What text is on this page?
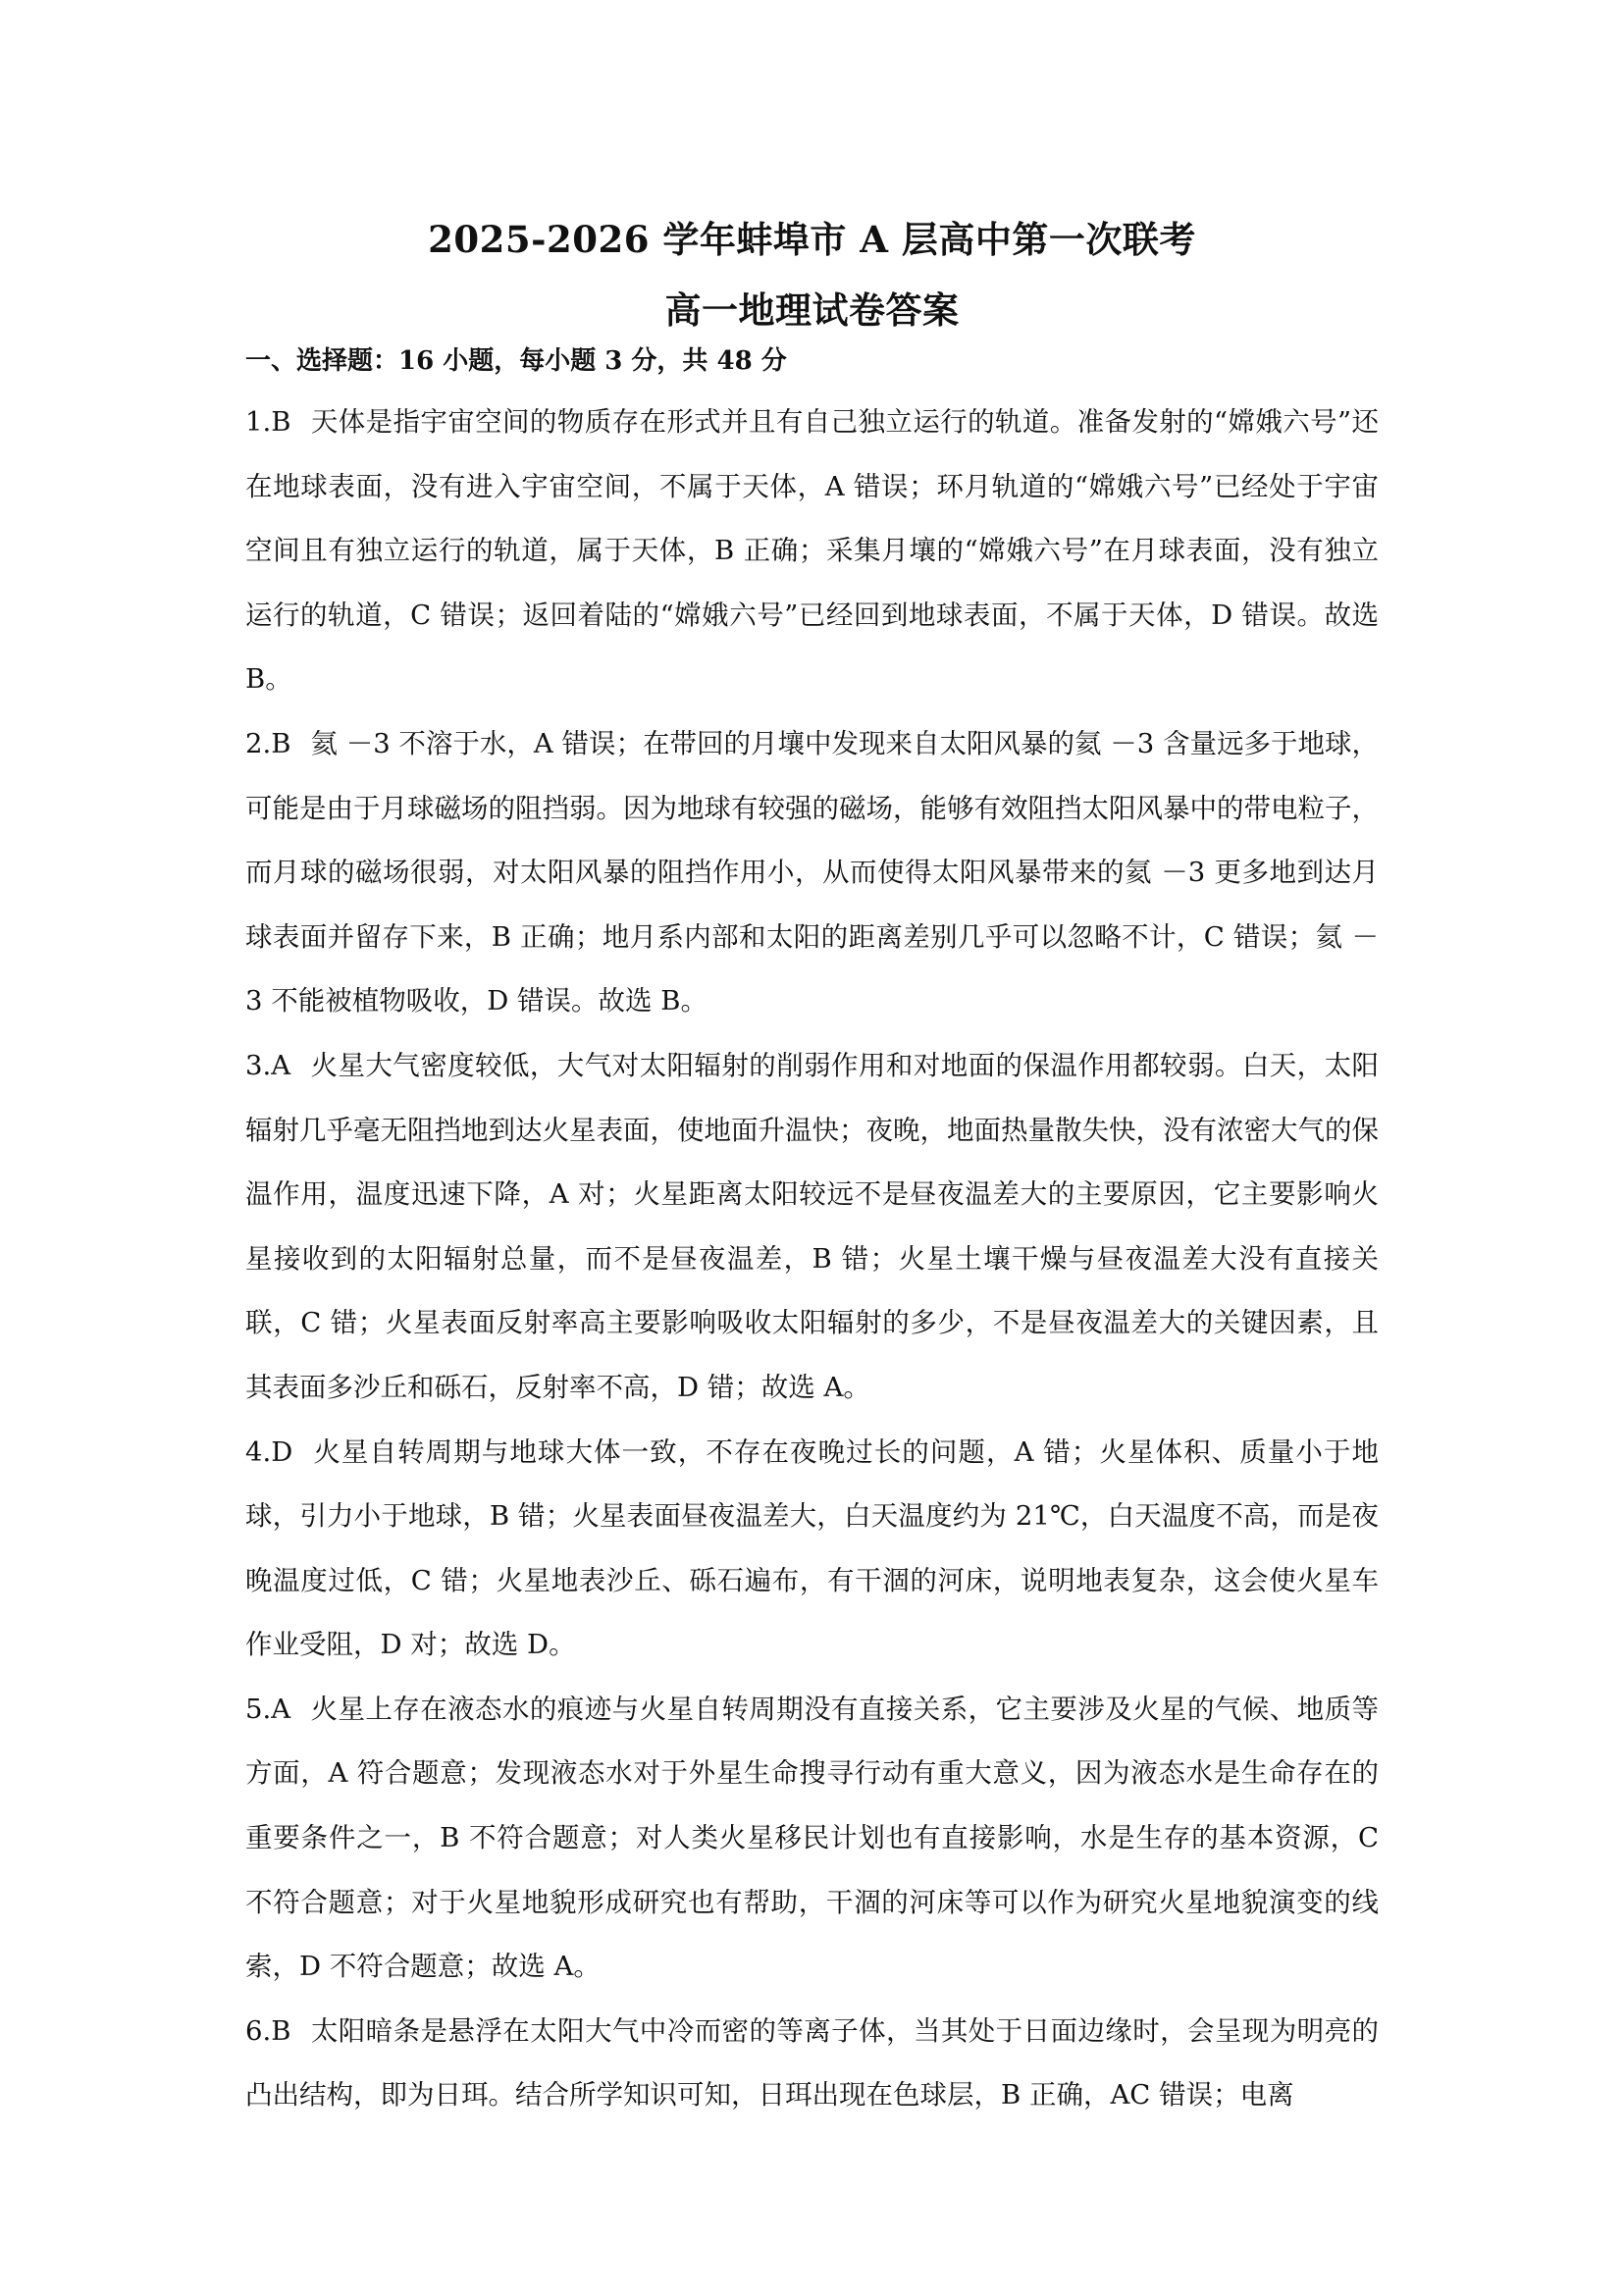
2025-2026 学年蚌埠市 A 层高中第一次联考
高一地理试卷答案
一、选择题：16 小题，每小题 3 分，共 48 分

1.B 天体是指宇宙空间的物质存在形式并且有自己独立运行的轨道。准备发射的“嫦娥六号”还在地球表面，没有进入宇宙空间，不属于天体，A 错误；环月轨道的“嫦娥六号”已经处于宇宙空间且有独立运行的轨道，属于天体，B 正确；采集月壤的“嫦娥六号”在月球表面，没有独立运行的轨道，C 错误；返回着陆的“嫦娥六号”已经回到地球表面，不属于天体，D 错误。故选 B。

2.B 氦 －3 不溶于水，A 错误；在带回的月壤中发现来自太阳风暴的氦 －3 含量远多于地球，可能是由于月球磁场的阻挡弱。因为地球有较强的磁场，能够有效阻挡太阳风暴中的带电粒子，而月球的磁场很弱，对太阳风暴的阻挡作用小，从而使得太阳风暴带来的氦 －3 更多地到达月球表面并留存下来，B 正确；地月系内部和太阳的距离差别几乎可以忽略不计，C 错误；氦 － 3 不能被植物吸收，D 错误。故选 B。

3.A 火星大气密度较低，大气对太阳辐射的削弱作用和对地面的保温作用都较弱。白天，太阳辐射几乎毫无阻挡地到达火星表面，使地面升温快；夜晚，地面热量散失快，没有浓密大气的保温作用，温度迅速下降，A 对；火星距离太阳较远不是昼夜温差大的主要原因，它主要影响火星接收到的太阳辐射总量，而不是昼夜温差，B 错；火星土壤干燥与昼夜温差大没有直接关联，C 错；火星表面反射率高主要影响吸收太阳辐射的多少，不是昼夜温差大的关键因素，且其表面多沙丘和砾石，反射率不高，D 错；故选 A。

4.D 火星自转周期与地球大体一致，不存在夜晚过长的问题，A 错；火星体积、质量小于地球，引力小于地球，B 错；火星表面昼夜温差大，白天温度约为 21℃，白天温度不高，而是夜晚温度过低，C 错；火星地表沙丘、砾石遍布，有干涸的河床，说明地表复杂，这会使火星车作业受阻，D 对；故选 D。

5.A 火星上存在液态水的痕迹与火星自转周期没有直接关系，它主要涉及火星的气候、地质等方面，A 符合题意；发现液态水对于外星生命搜寻行动有重大意义，因为液态水是生命存在的重要条件之一，B 不符合题意；对人类火星移民计划也有直接影响，水是生存的基本资源，C 不符合题意；对于火星地貌形成研究也有帮助，干涸的河床等可以作为研究火星地貌演变的线索，D 不符合题意；故选 A。

6.B 太阳暗条是悬浮在太阳大气中冷而密的等离子体，当其处于日面边缘时，会呈现为明亮的凸出结构，即为日珥。结合所学知识可知，日珥出现在色球层，B 正确，AC 错误；电离
